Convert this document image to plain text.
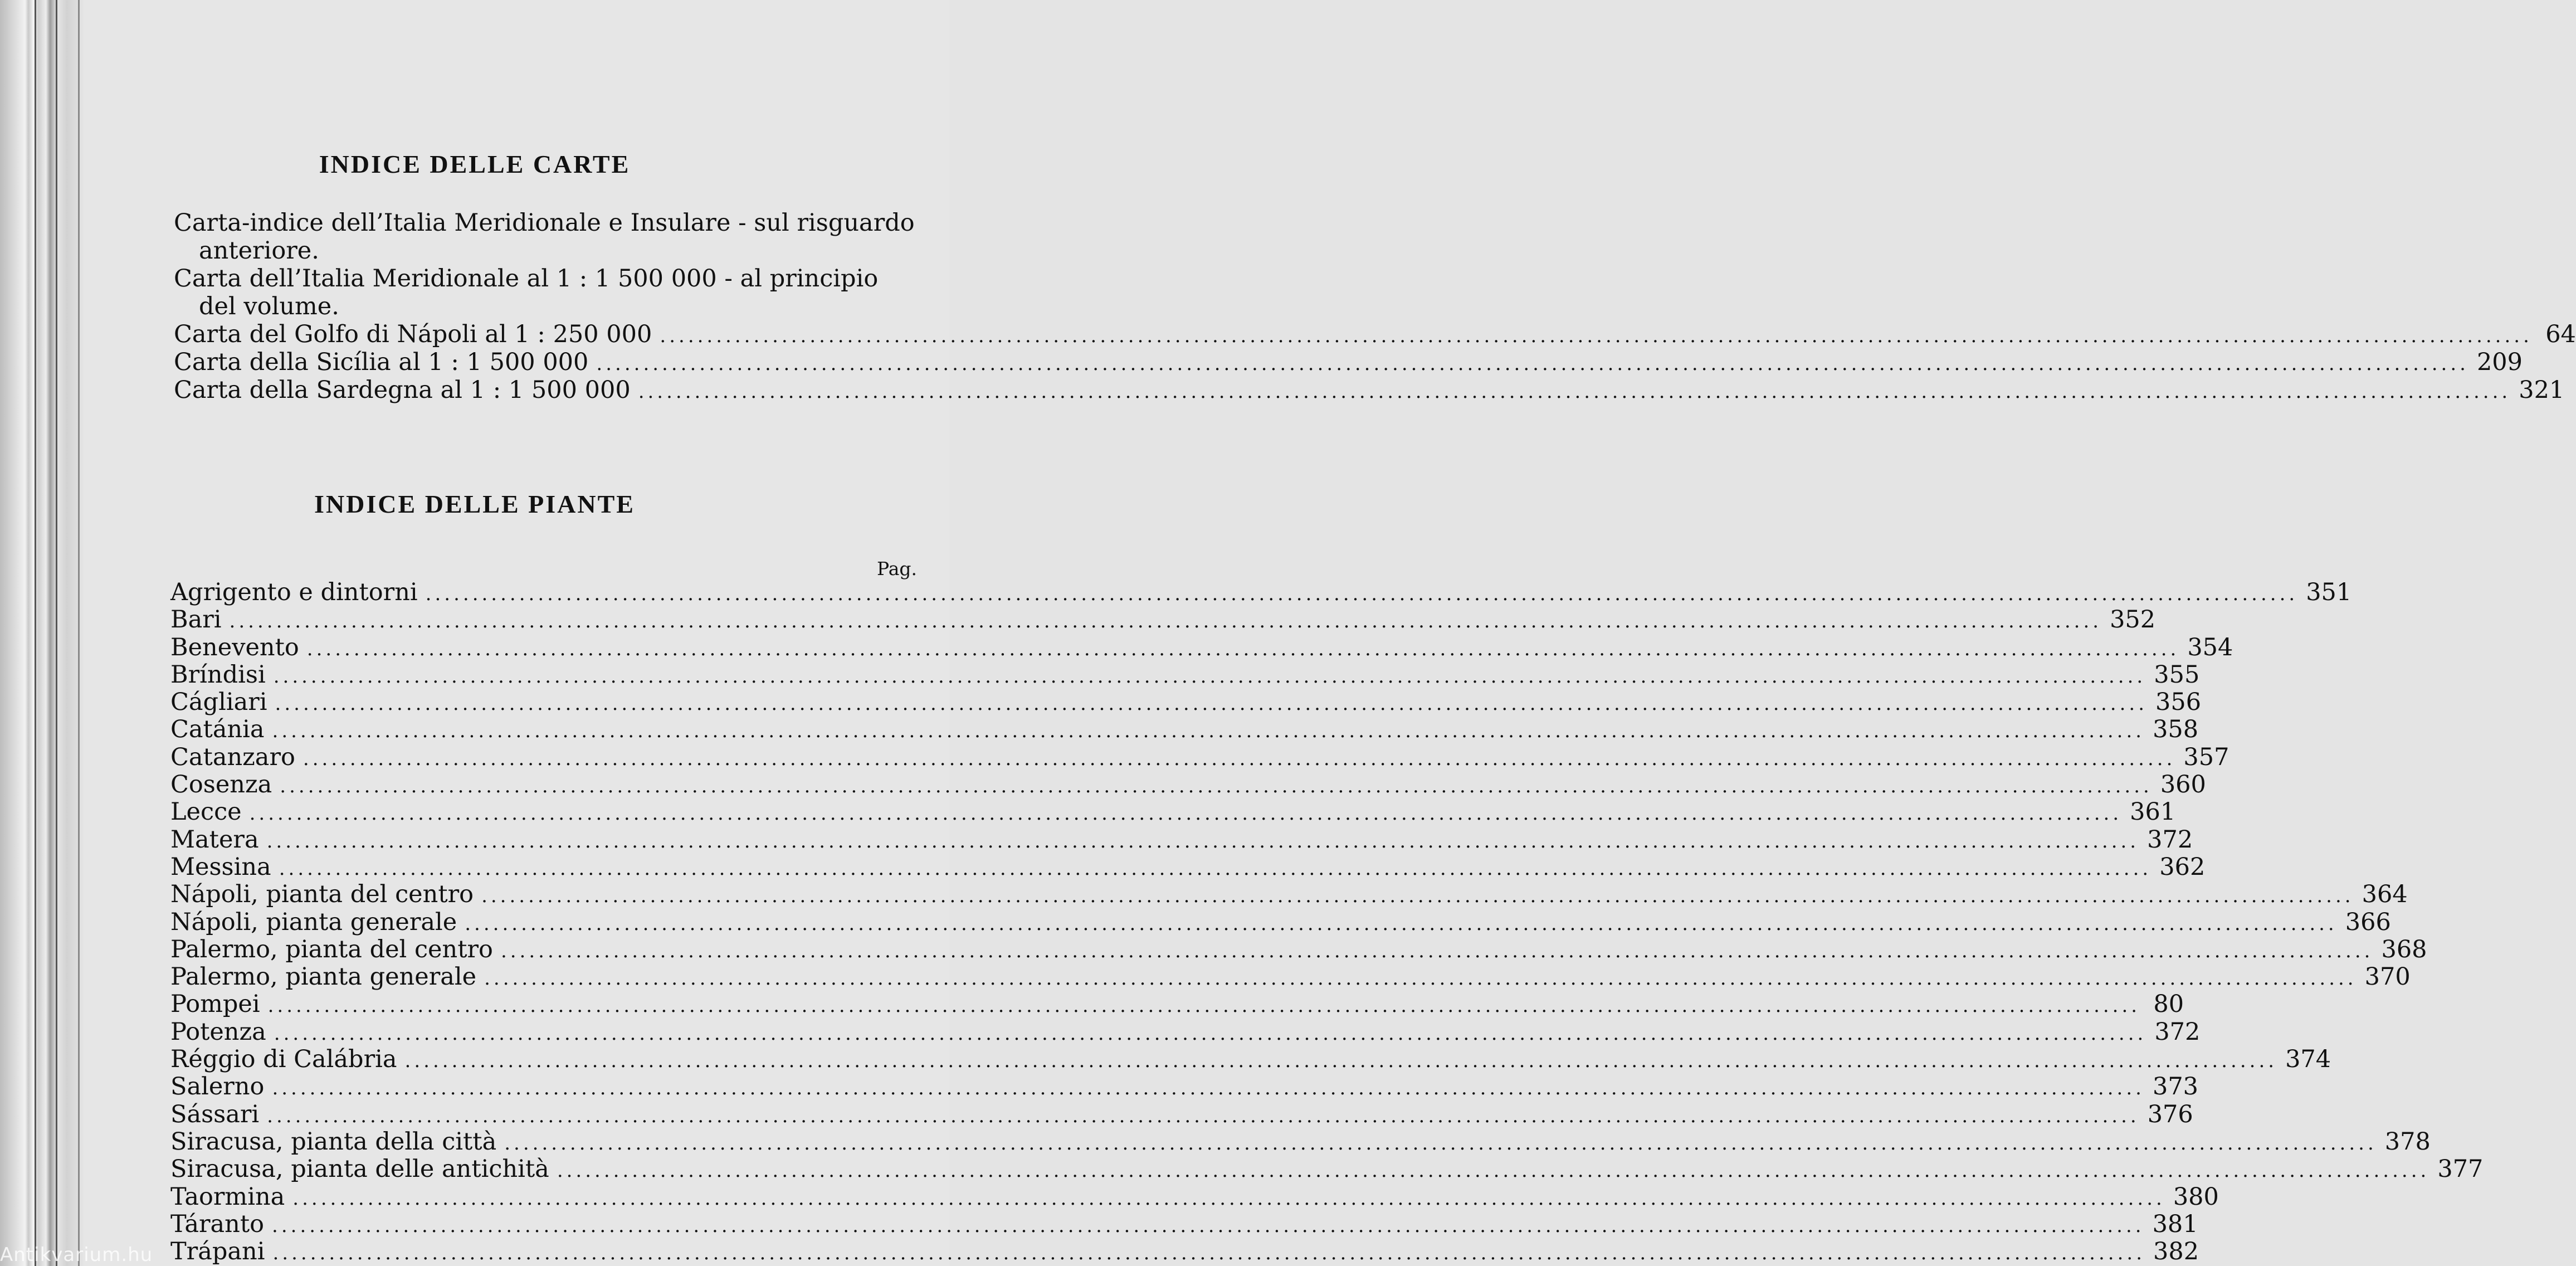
INDICE DELLE CARTE
Carta-indice dell’Italia Meridionale e Insulare - sul risguardo anteriore.
Carta dell’Italia Meridionale al 1 : 1 500 000 - al principio del volume.
Carta del Golfo di Nápoli al 1 : 250 000 ........................................................................................................................................................................................................ 64
Carta della Sicília al 1 : 1 500 000 ........................................................................................................................................................................................................ 209
Carta della Sardegna al 1 : 1 500 000 ........................................................................................................................................................................................................ 321
INDICE DELLE PIANTE
Pag.
Agrigento e dintorni ........................................................................................................................................................................................................ 351
Bari ........................................................................................................................................................................................................ 352
Benevento ........................................................................................................................................................................................................ 354
Bríndisi ........................................................................................................................................................................................................ 355
Cágliari ........................................................................................................................................................................................................ 356
Catánia ........................................................................................................................................................................................................ 358
Catanzaro ........................................................................................................................................................................................................ 357
Cosenza ........................................................................................................................................................................................................ 360
Lecce ........................................................................................................................................................................................................ 361
Matera ........................................................................................................................................................................................................ 372
Messina ........................................................................................................................................................................................................ 362
Nápoli, pianta del centro ........................................................................................................................................................................................................ 364
Nápoli, pianta generale ........................................................................................................................................................................................................ 366
Palermo, pianta del centro ........................................................................................................................................................................................................ 368
Palermo, pianta generale ........................................................................................................................................................................................................ 370
Pompei ........................................................................................................................................................................................................ 80
Potenza ........................................................................................................................................................................................................ 372
Réggio di Calábria ........................................................................................................................................................................................................ 374
Salerno ........................................................................................................................................................................................................ 373
Sássari ........................................................................................................................................................................................................ 376
Siracusa, pianta della città ........................................................................................................................................................................................................ 378
Siracusa, pianta delle antichità ........................................................................................................................................................................................................ 377
Taormina ........................................................................................................................................................................................................ 380
Táranto ........................................................................................................................................................................................................ 381
Trápani ........................................................................................................................................................................................................ 382
Antikvarium.hu
